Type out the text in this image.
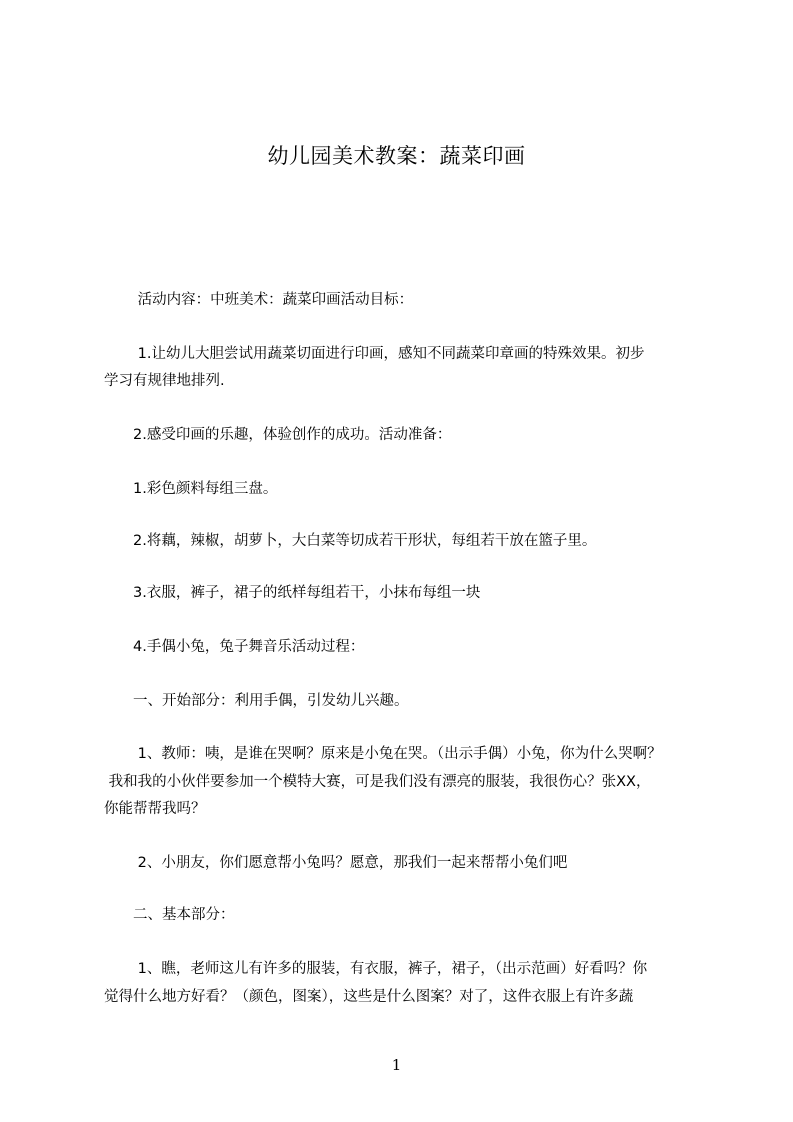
幼儿园美术教案：蔬菜印画
　　 活动内容：中班美术：蔬菜印画活动目标：
　　 1.让幼儿大胆尝试用蔬菜切面进行印画，感知不同蔬菜印章画的特殊效果。初步
学习有规律地排列.
　　2.感受印画的乐趣，体验创作的成功。活动准备：
　　1.彩色颜料每组三盘。
　　2.将藕，辣椒，胡萝卜，大白菜等切成若干形状，每组若干放在篮子里。
　　3.衣服，裤子，裙子的纸样每组若干，小抹布每组一块
　　4.手偶小兔，兔子舞音乐活动过程：
　　一、开始部分：利用手偶，引发幼儿兴趣。
　　 1、教师：咦，是谁在哭啊？原来是小兔在哭。（出示手偶）小兔，你为什么哭啊？
我和我的小伙伴要参加一个模特大赛，可是我们没有漂亮的服装，我很伤心？张XX，
你能帮帮我吗？
　　 2、小朋友，你们愿意帮小兔吗？愿意，那我们一起来帮帮小兔们吧
　　二、基本部分：
　　 1、瞧，老师这儿有许多的服装，有衣服，裤子，裙子，（出示范画）好看吗？你
觉得什么地方好看？（颜色，图案），这些是什么图案？对了，这件衣服上有许多蔬
1
